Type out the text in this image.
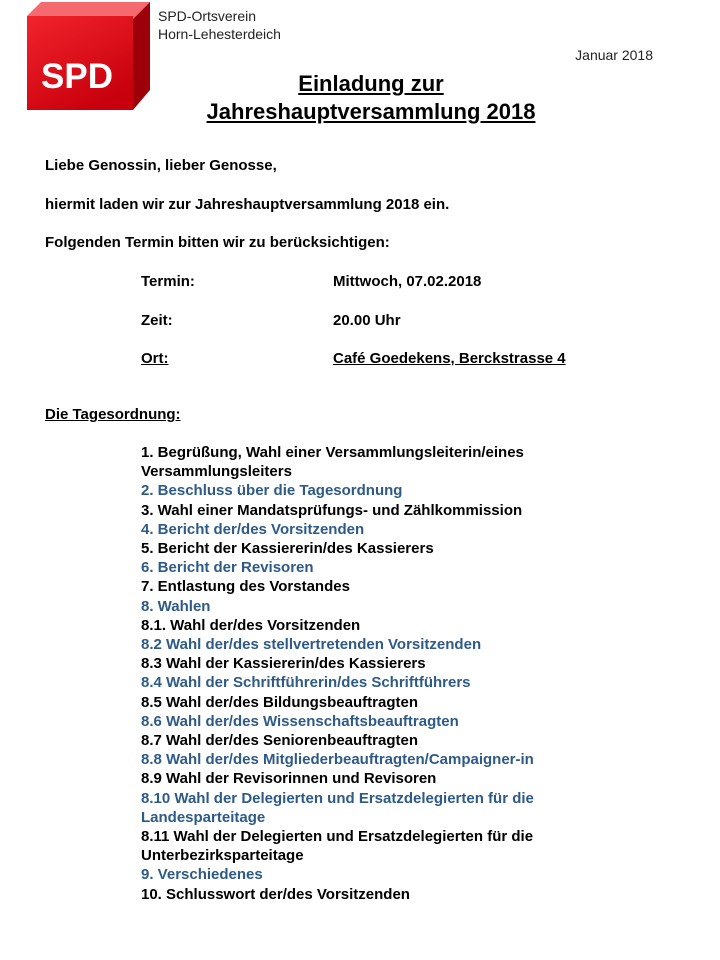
SPD
SPD-Ortsverein
Horn-Lehesterdeich
Januar 2018
Einladung zur
Jahreshauptversammlung 2018
Liebe Genossin, lieber Genosse,
hiermit laden wir zur Jahreshauptversammlung 2018 ein.
Folgenden Termin bitten wir zu berücksichtigen:
Termin:	Mittwoch, 07.02.2018
Zeit:	20.00 Uhr
Ort:	Café Goedekens, Berckstrasse 4
Die Tagesordnung:
1. Begrüßung, Wahl einer Versammlungsleiterin/eines Versammlungsleiters
2. Beschluss über die Tagesordnung
3. Wahl einer Mandatsprüfungs- und Zählkommission
4. Bericht der/des Vorsitzenden
5. Bericht der Kassiererin/des Kassierers
6. Bericht der Revisoren
7. Entlastung des Vorstandes
8. Wahlen
8.1. Wahl der/des Vorsitzenden
8.2 Wahl der/des stellvertretenden Vorsitzenden
8.3 Wahl der Kassiererin/des Kassierers
8.4 Wahl der Schriftführerin/des Schriftführers
8.5 Wahl der/des Bildungsbeauftragten
8.6 Wahl der/des Wissenschaftsbeauftragten
8.7 Wahl der/des Seniorenbeauftragten
8.8 Wahl der/des Mitgliederbeauftragten/Campaigner-in
8.9 Wahl der Revisorinnen und Revisoren
8.10 Wahl der Delegierten und Ersatzdelegierten für die Landesparteitage
8.11 Wahl der Delegierten und Ersatzdelegierten für die Unterbezirksparteitage
9. Verschiedenes
10. Schlusswort der/des Vorsitzenden
